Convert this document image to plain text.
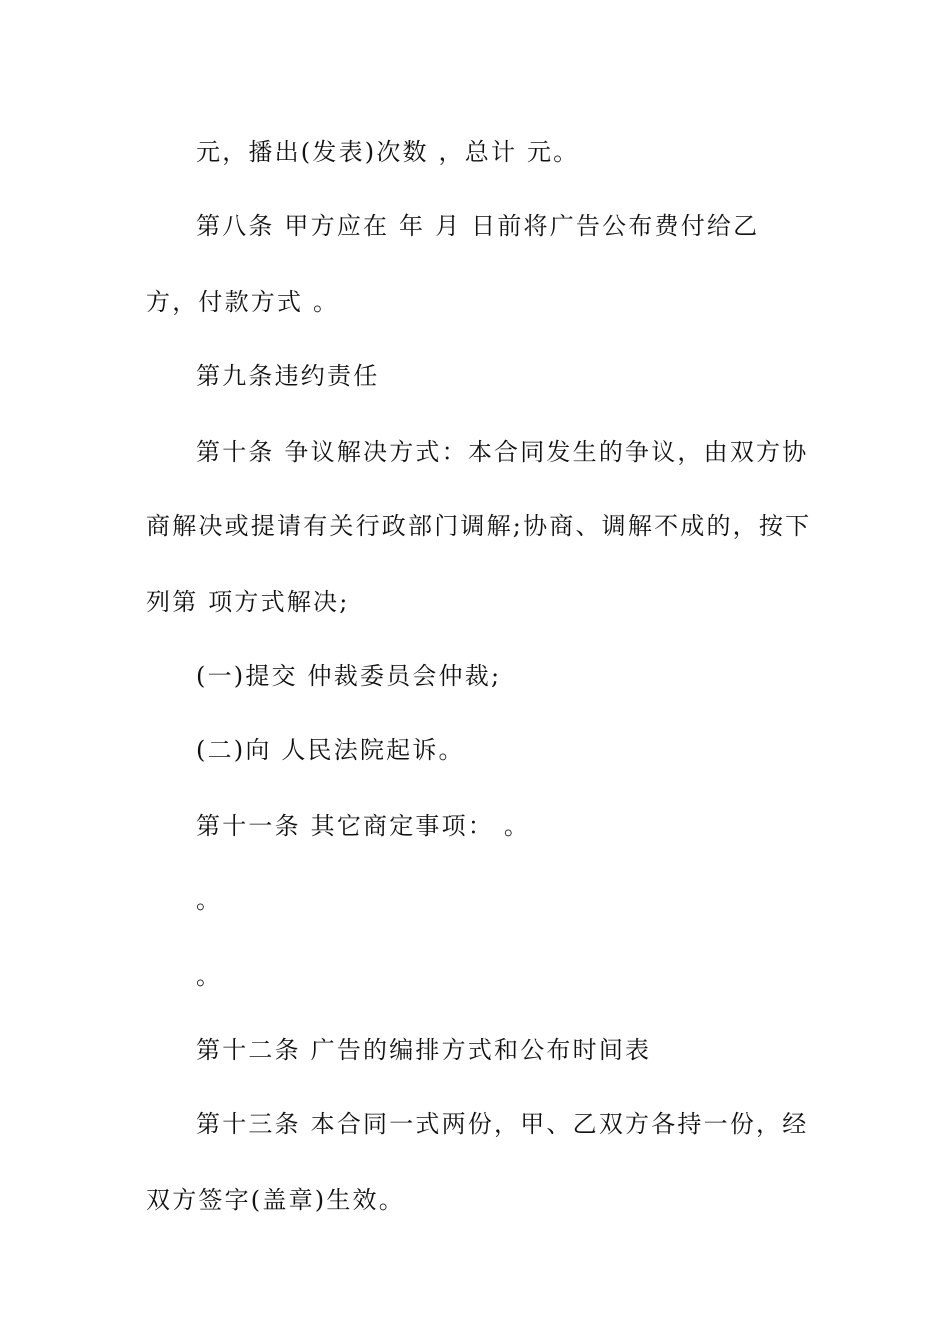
元，播出(发表)次数 ，总计 元。
第八条 甲方应在 年 月 日前将广告公布费付给乙
方，付款方式 。
第九条违约责任
第十条 争议解决方式：本合同发生的争议，由双方协
商解决或提请有关行政部门调解;协商、调解不成的，按下
列第 项方式解决;
(一)提交 仲裁委员会仲裁;
(二)向 人民法院起诉。
第十一条 其它商定事项： 。
。
。
第十二条 广告的编排方式和公布时间表
第十三条 本合同一式两份，甲、乙双方各持一份，经
双方签字(盖章)生效。
